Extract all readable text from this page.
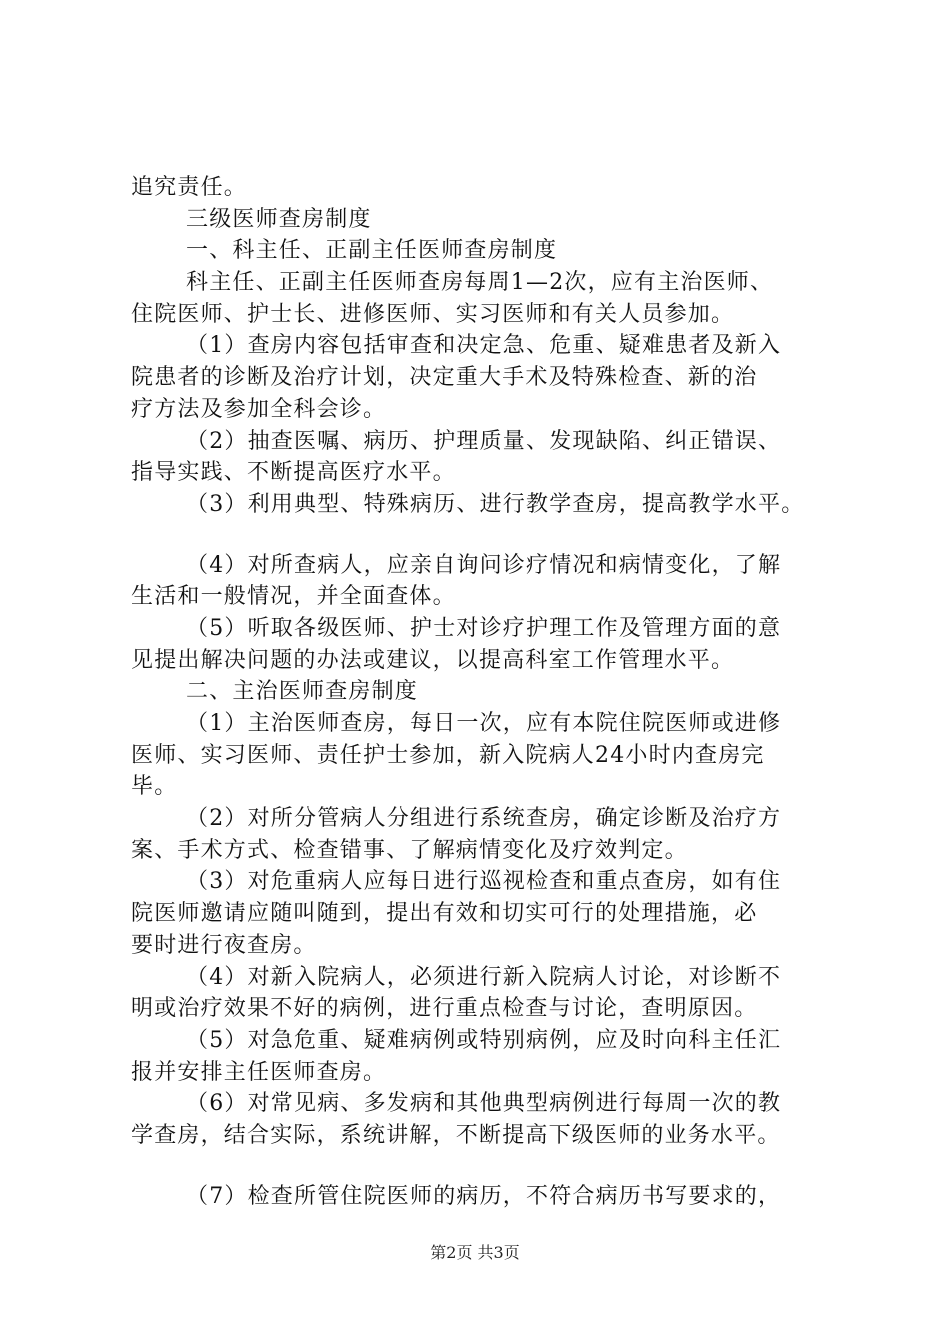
追究责任。
三级医师查房制度
一、科主任、正副主任医师查房制度
科主任、正副主任医师查房每周1—2次，应有主治医师、
住院医师、护士长、进修医师、实习医师和有关人员参加。
（1）查房内容包括审查和决定急、危重、疑难患者及新入
院患者的诊断及治疗计划，决定重大手术及特殊检查、新的治
疗方法及参加全科会诊。
（2）抽查医嘱、病历、护理质量、发现缺陷、纠正错误、
指导实践、不断提高医疗水平。
（3）利用典型、特殊病历、进行教学查房，提高教学水平。
（4）对所查病人，应亲自询问诊疗情况和病情变化，了解
生活和一般情况，并全面查体。
（5）听取各级医师、护士对诊疗护理工作及管理方面的意
见提出解决问题的办法或建议，以提高科室工作管理水平。
二、主治医师查房制度
（1）主治医师查房，每日一次，应有本院住院医师或进修
医师、实习医师、责任护士参加，新入院病人24小时内查房完
毕。
（2）对所分管病人分组进行系统查房，确定诊断及治疗方
案、手术方式、检查错事、了解病情变化及疗效判定。
（3）对危重病人应每日进行巡视检查和重点查房，如有住
院医师邀请应随叫随到，提出有效和切实可行的处理措施，必
要时进行夜查房。
（4）对新入院病人，必须进行新入院病人讨论，对诊断不
明或治疗效果不好的病例，进行重点检查与讨论，查明原因。
（5）对急危重、疑难病例或特别病例，应及时向科主任汇
报并安排主任医师查房。
（6）对常见病、多发病和其他典型病例进行每周一次的教
学查房，结合实际，系统讲解，不断提高下级医师的业务水平。
（7）检查所管住院医师的病历，不符合病历书写要求的，
第2页 共3页
